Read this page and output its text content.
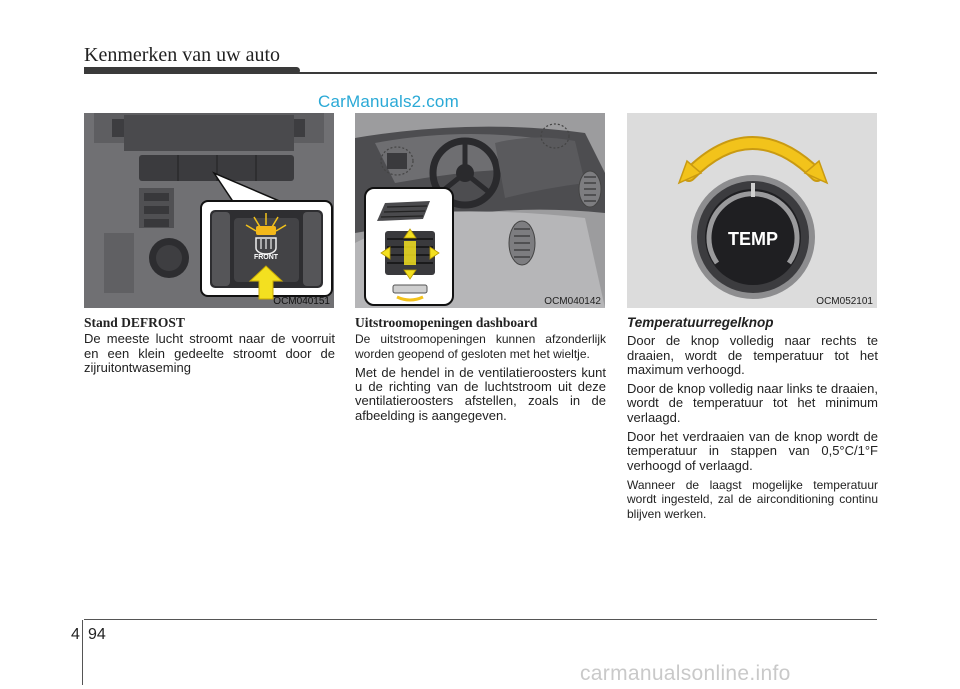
Kenmerken van uw auto
CarManuals2.com
FRONT
OCM040151	OCM040142
TEMP
OCM052101
Stand DEFROST

De meeste lucht stroomt naar de voorruit en een klein gedeelte stroomt door de zijruitontwaseming

Uitstroomopeningen dashboard

De uitstroomopeningen kunnen afzonderlijk worden geopend of gesloten met het wieltje.

Met de hendel in de ventilatieroosters kunt u de richting van de luchtstroom uit deze ventilatieroosters afstellen, zoals in de afbeelding is aangegeven.

Temperatuurregelknop

Door de knop volledig naar rechts te draaien, wordt de temperatuur tot het maximum verhoogd.

Door de knop volledig naar links te draaien, wordt de temperatuur tot het minimum verlaagd.

Door het verdraaien van de knop wordt de temperatuur in stappen van 0,5°C/1°F verhoogd of verlaagd.

Wanneer de laagst mogelijke temperatuur wordt ingesteld, zal de airconditioning continu blijven werken.

4 94
carmanualsonline.info
